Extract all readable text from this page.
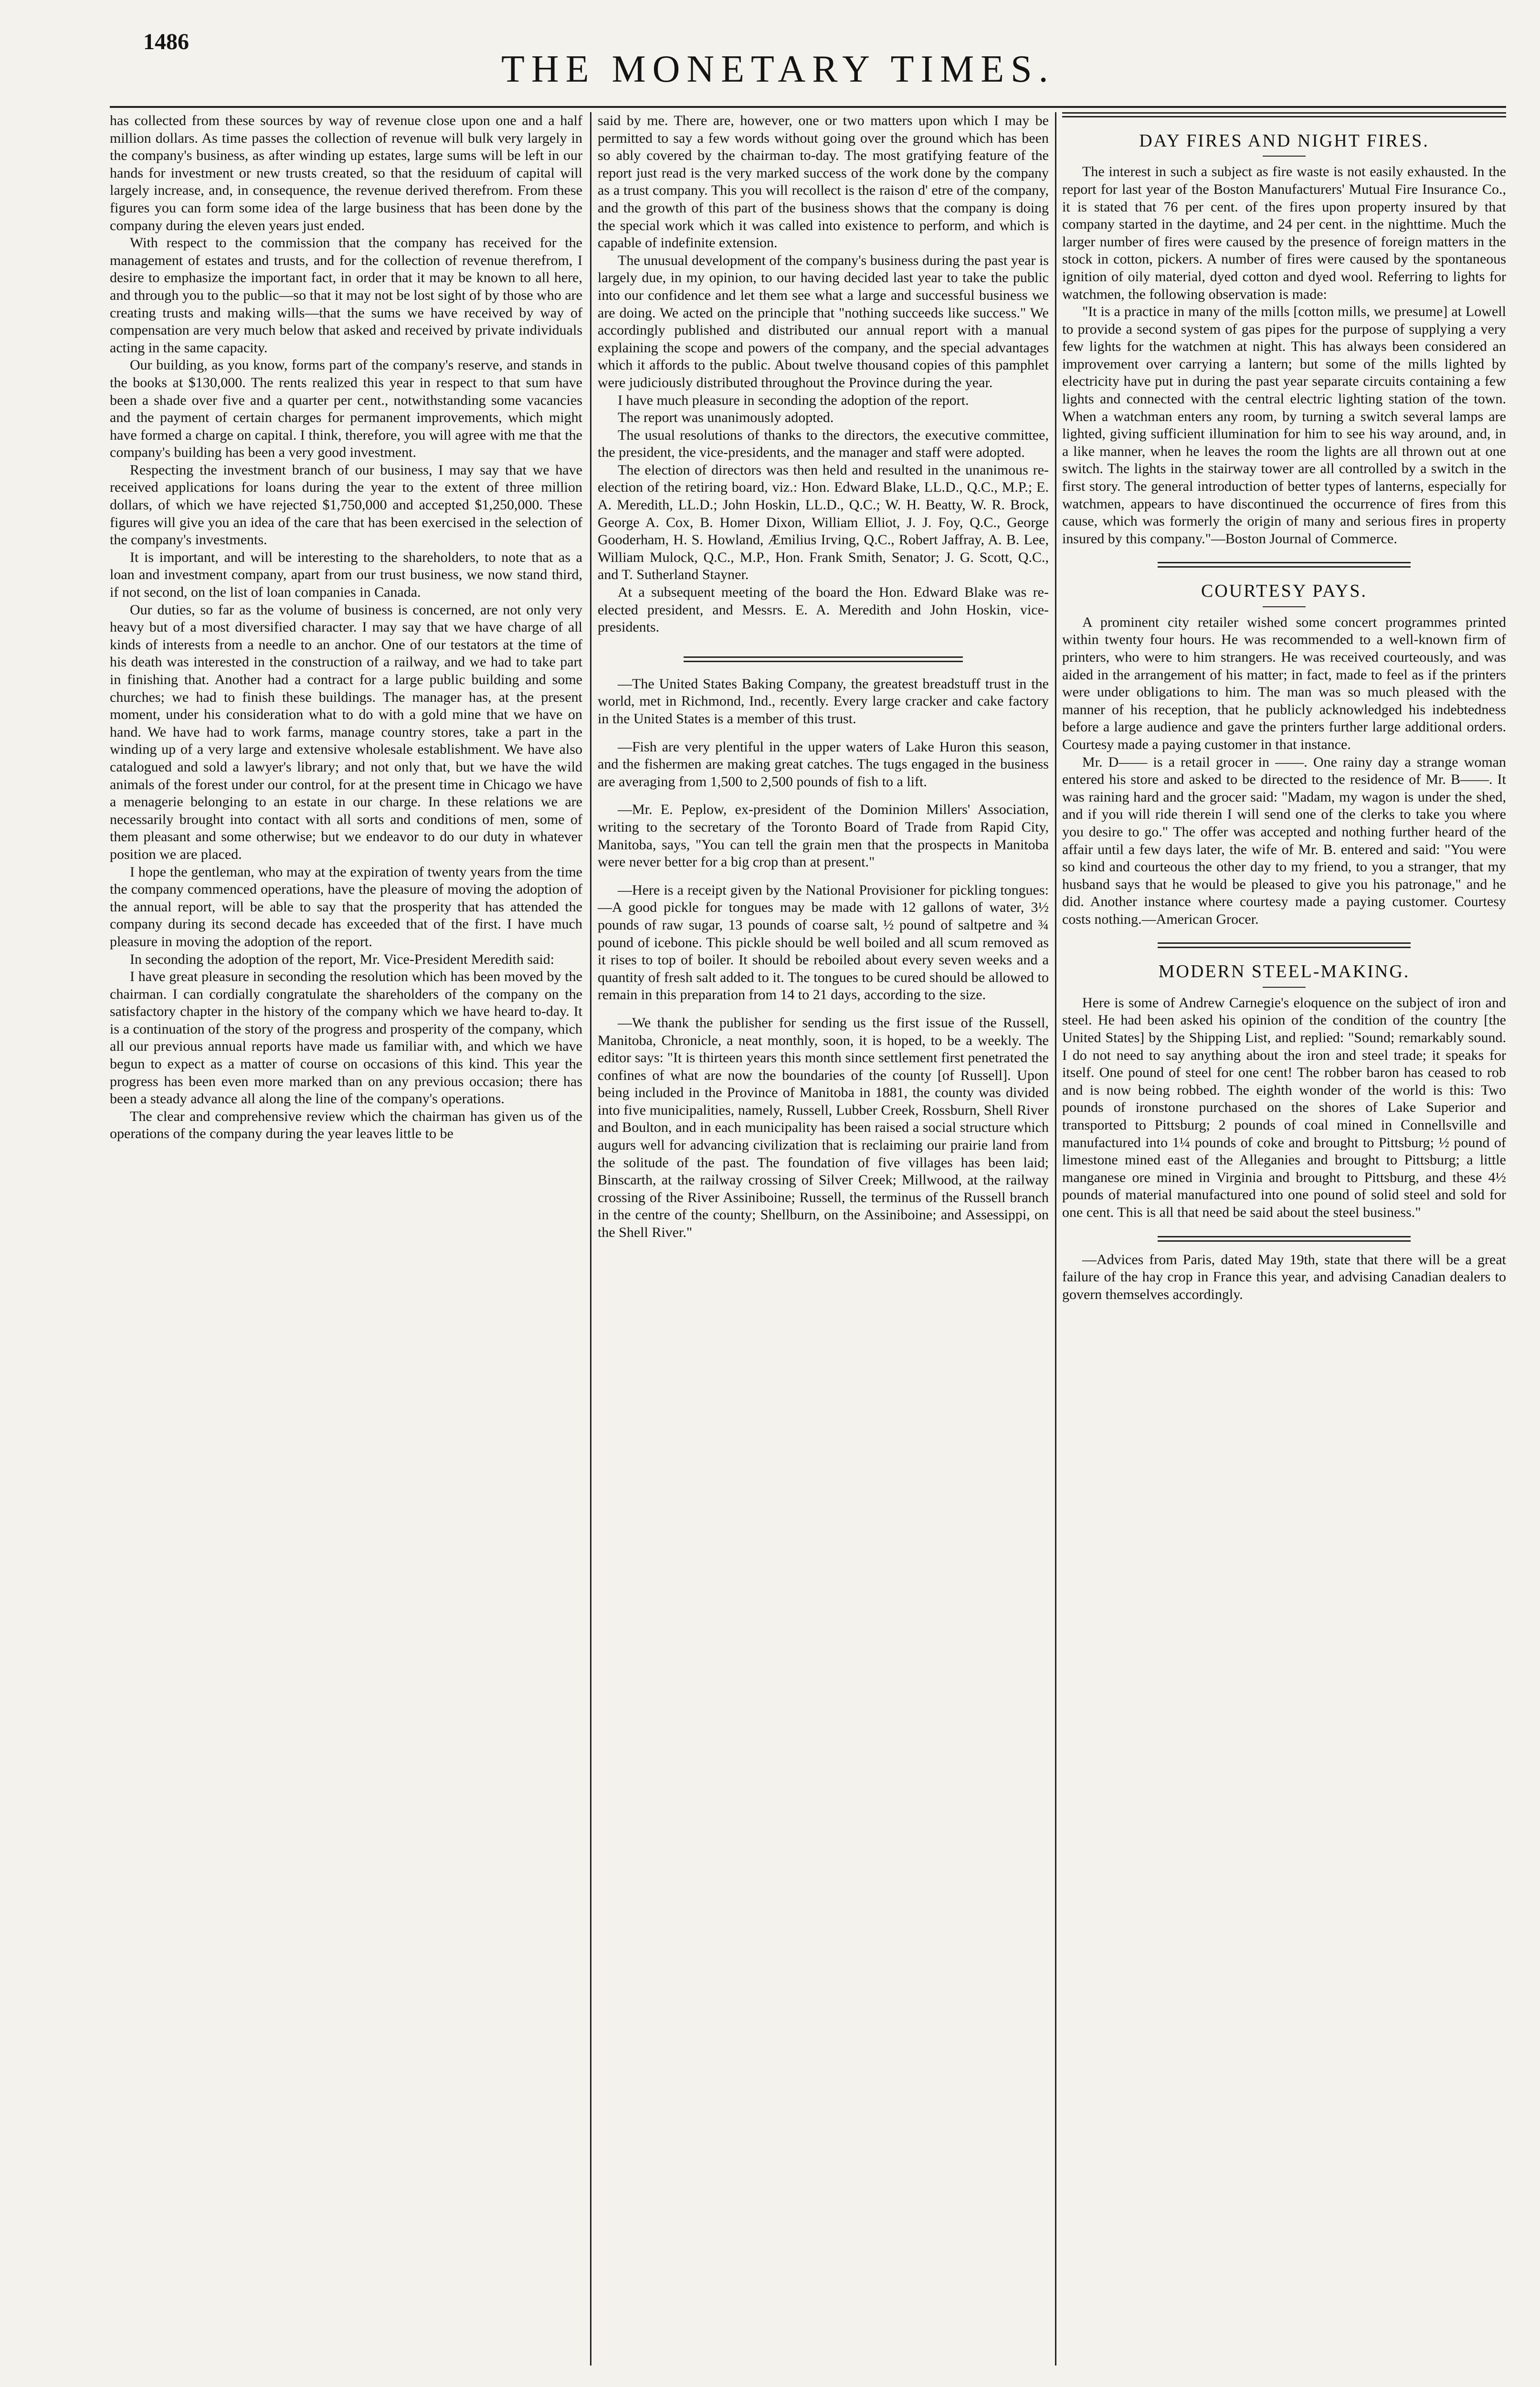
1486
THE MONETARY TIMES.

has collected from these sources by way of revenue close upon one and a half million dollars. As time passes the collection of revenue will bulk very largely in the company's business, as after winding up estates, large sums will be left in our hands for investment or new trusts created, so that the residuum of capital will largely increase, and, in consequence, the revenue derived therefrom. From these figures you can form some idea of the large business that has been done by the company during the eleven years just ended.

With respect to the commission that the company has received for the management of estates and trusts, and for the collection of revenue therefrom, I desire to emphasize the important fact, in order that it may be known to all here, and through you to the public—so that it may not be lost sight of by those who are creating trusts and making wills—that the sums we have received by way of compensation are very much below that asked and received by private individuals acting in the same capacity.

Our building, as you know, forms part of the company's reserve, and stands in the books at $130,000. The rents realized this year in respect to that sum have been a shade over five and a quarter per cent., notwithstanding some vacancies and the payment of certain charges for permanent improvements, which might have formed a charge on capital. I think, therefore, you will agree with me that the company's building has been a very good investment.

Respecting the investment branch of our business, I may say that we have received applications for loans during the year to the extent of three million dollars, of which we have rejected $1,750,000 and accepted $1,250,000. These figures will give you an idea of the care that has been exercised in the selection of the company's investments.

It is important, and will be interesting to the shareholders, to note that as a loan and investment company, apart from our trust business, we now stand third, if not second, on the list of loan companies in Canada.

Our duties, so far as the volume of business is concerned, are not only very heavy but of a most diversified character. I may say that we have charge of all kinds of interests from a needle to an anchor. One of our testators at the time of his death was interested in the construction of a railway, and we had to take part in finishing that. Another had a contract for a large public building and some churches; we had to finish these buildings. The manager has, at the present moment, under his consideration what to do with a gold mine that we have on hand. We have had to work farms, manage country stores, take a part in the winding up of a very large and extensive wholesale establishment. We have also catalogued and sold a lawyer's library; and not only that, but we have the wild animals of the forest under our control, for at the present time in Chicago we have a menagerie belonging to an estate in our charge. In these relations we are necessarily brought into contact with all sorts and conditions of men, some of them pleasant and some otherwise; but we endeavor to do our duty in whatever position we are placed.

I hope the gentleman, who may at the expiration of twenty years from the time the company commenced operations, have the pleasure of moving the adoption of the annual report, will be able to say that the prosperity that has attended the company during its second decade has exceeded that of the first. I have much pleasure in moving the adoption of the report.

In seconding the adoption of the report, Mr. Vice-President Meredith said:

I have great pleasure in seconding the resolution which has been moved by the chairman. I can cordially congratulate the shareholders of the company on the satisfactory chapter in the history of the company which we have heard to-day. It is a continuation of the story of the progress and prosperity of the company, which all our previous annual reports have made us familiar with, and which we have begun to expect as a matter of course on occasions of this kind. This year the progress has been even more marked than on any previous occasion; there has been a steady advance all along the line of the company's operations.

The clear and comprehensive review which the chairman has given us of the operations of the company during the year leaves little to be

said by me. There are, however, one or two matters upon which I may be permitted to say a few words without going over the ground which has been so ably covered by the chairman to-day. The most gratifying feature of the report just read is the very marked success of the work done by the company as a trust company. This you will recollect is the raison d' etre of the company, and the growth of this part of the business shows that the company is doing the special work which it was called into existence to perform, and which is capable of indefinite extension.

The unusual development of the company's business during the past year is largely due, in my opinion, to our having decided last year to take the public into our confidence and let them see what a large and successful business we are doing. We acted on the principle that "nothing succeeds like success." We accordingly published and distributed our annual report with a manual explaining the scope and powers of the company, and the special advantages which it affords to the public. About twelve thousand copies of this pamphlet were judiciously distributed throughout the Province during the year.

I have much pleasure in seconding the adoption of the report.

The report was unanimously adopted.

The usual resolutions of thanks to the directors, the executive committee, the president, the vice-presidents, and the manager and staff were adopted.

The election of directors was then held and resulted in the unanimous re-election of the retiring board, viz.: Hon. Edward Blake, LL.D., Q.C., M.P.; E. A. Meredith, LL.D.; John Hoskin, LL.D., Q.C.; W. H. Beatty, W. R. Brock, George A. Cox, B. Homer Dixon, William Elliot, J. J. Foy, Q.C., George Gooderham, H. S. Howland, Æmilius Irving, Q.C., Robert Jaffray, A. B. Lee, William Mulock, Q.C., M.P., Hon. Frank Smith, Senator; J. G. Scott, Q.C., and T. Sutherland Stayner.

At a subsequent meeting of the board the Hon. Edward Blake was re-elected president, and Messrs. E. A. Meredith and John Hoskin, vice-presidents.

—The United States Baking Company, the greatest breadstuff trust in the world, met in Richmond, Ind., recently. Every large cracker and cake factory in the United States is a member of this trust.

—Fish are very plentiful in the upper waters of Lake Huron this season, and the fishermen are making great catches. The tugs engaged in the business are averaging from 1,500 to 2,500 pounds of fish to a lift.

—Mr. E. Peplow, ex-president of the Dominion Millers' Association, writing to the secretary of the Toronto Board of Trade from Rapid City, Manitoba, says, "You can tell the grain men that the prospects in Manitoba were never better for a big crop than at present."

—Here is a receipt given by the National Provisioner for pickling tongues:—A good pickle for tongues may be made with 12 gallons of water, 3½ pounds of raw sugar, 13 pounds of coarse salt, ½ pound of saltpetre and ¾ pound of icebone. This pickle should be well boiled and all scum removed as it rises to top of boiler. It should be reboiled about every seven weeks and a quantity of fresh salt added to it. The tongues to be cured should be allowed to remain in this preparation from 14 to 21 days, according to the size.

—We thank the publisher for sending us the first issue of the Russell, Manitoba, Chronicle, a neat monthly, soon, it is hoped, to be a weekly. The editor says: "It is thirteen years this month since settlement first penetrated the confines of what are now the boundaries of the county [of Russell]. Upon being included in the Province of Manitoba in 1881, the county was divided into five municipalities, namely, Russell, Lubber Creek, Rossburn, Shell River and Boulton, and in each municipality has been raised a social structure which augurs well for advancing civilization that is reclaiming our prairie land from the solitude of the past. The foundation of five villages has been laid; Binscarth, at the railway crossing of Silver Creek; Millwood, at the railway crossing of the River Assiniboine; Russell, the terminus of the Russell branch in the centre of the county; Shellburn, on the Assiniboine; and Assessippi, on the Shell River."

DAY FIRES AND NIGHT FIRES.

The interest in such a subject as fire waste is not easily exhausted. In the report for last year of the Boston Manufacturers' Mutual Fire Insurance Co., it is stated that 76 per cent. of the fires upon property insured by that company started in the daytime, and 24 per cent. in the nighttime. Much the larger number of fires were caused by the presence of foreign matters in the stock in cotton, pickers. A number of fires were caused by the spontaneous ignition of oily material, dyed cotton and dyed wool. Referring to lights for watchmen, the following observation is made:

"It is a practice in many of the mills [cotton mills, we presume] at Lowell to provide a second system of gas pipes for the purpose of supplying a very few lights for the watchmen at night. This has always been considered an improvement over carrying a lantern; but some of the mills lighted by electricity have put in during the past year separate circuits containing a few lights and connected with the central electric lighting station of the town. When a watchman enters any room, by turning a switch several lamps are lighted, giving sufficient illumination for him to see his way around, and, in a like manner, when he leaves the room the lights are all thrown out at one switch. The lights in the stairway tower are all controlled by a switch in the first story. The general introduction of better types of lanterns, especially for watchmen, appears to have discontinued the occurrence of fires from this cause, which was formerly the origin of many and serious fires in property insured by this company."—Boston Journal of Commerce.

COURTESY PAYS.

A prominent city retailer wished some concert programmes printed within twenty four hours. He was recommended to a well-known firm of printers, who were to him strangers. He was received courteously, and was aided in the arrangement of his matter; in fact, made to feel as if the printers were under obligations to him. The man was so much pleased with the manner of his reception, that he publicly acknowledged his indebtedness before a large audience and gave the printers further large additional orders. Courtesy made a paying customer in that instance.

Mr. D—— is a retail grocer in ——. One rainy day a strange woman entered his store and asked to be directed to the residence of Mr. B——. It was raining hard and the grocer said: "Madam, my wagon is under the shed, and if you will ride therein I will send one of the clerks to take you where you desire to go." The offer was accepted and nothing further heard of the affair until a few days later, the wife of Mr. B. entered and said: "You were so kind and courteous the other day to my friend, to you a stranger, that my husband says that he would be pleased to give you his patronage," and he did. Another instance where courtesy made a paying customer. Courtesy costs nothing.—American Grocer.

MODERN STEEL-MAKING.

Here is some of Andrew Carnegie's eloquence on the subject of iron and steel. He had been asked his opinion of the condition of the country [the United States] by the Shipping List, and replied: "Sound; remarkably sound. I do not need to say anything about the iron and steel trade; it speaks for itself. One pound of steel for one cent! The robber baron has ceased to rob and is now being robbed. The eighth wonder of the world is this: Two pounds of ironstone purchased on the shores of Lake Superior and transported to Pittsburg; 2 pounds of coal mined in Connellsville and manufactured into 1¼ pounds of coke and brought to Pittsburg; ½ pound of limestone mined east of the Alleganies and brought to Pittsburg; a little manganese ore mined in Virginia and brought to Pittsburg, and these 4½ pounds of material manufactured into one pound of solid steel and sold for one cent. This is all that need be said about the steel business."

—Advices from Paris, dated May 19th, state that there will be a great failure of the hay crop in France this year, and advising Canadian dealers to govern themselves accordingly.
